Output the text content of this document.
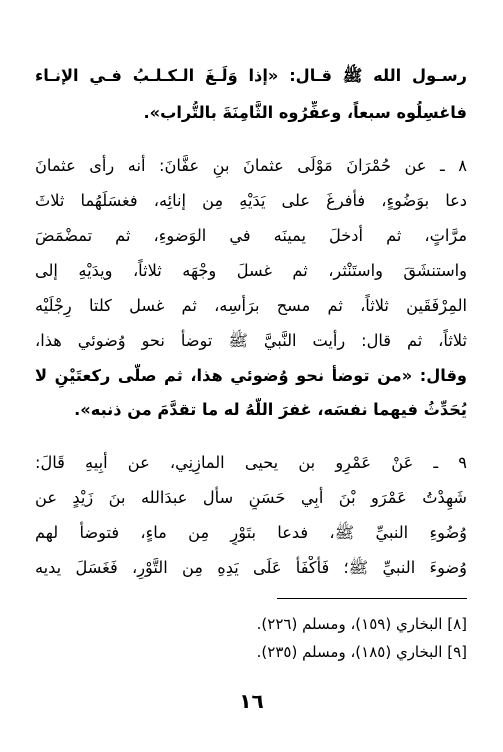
رسـول الله ﷺ قـال: «إذا وَلَـغَ الـكـلـبُ فـي الإنـاء
فاغسِلُوه سبعاً، وعفِّرُوه الثَّامِنَةَ بالتُّراب».
٨ ـ عن حُمْرَانَ مَوْلَى عثمانَ بنِ عفَّانَ: أنه رأى عثمانَ
دعا بوَضُوءٍ، فأفرغَ على يَدَيْهِ مِن إنائِه، فغسَلَهُما ثلاثَ
مرَّاتٍ، ثم أدخلَ يمينَه في الوَضوءِ، ثم تمضْمَضَ
واستنشَقَ واستَنْثر، ثم غسلَ وجْهَه ثلاثاً، ويدَيْهِ إلى
المِرْفَقَين ثلاثاً، ثم مسح برَأْسِه، ثم غسل كلتا رِجْلَيْه
ثلاثاً، ثم قال: رأيت النَّبيَّ ﷺ توضأ نحو وُضوئي هذا،
وقال: «من توضأ نحو وُضوئي هذا، ثم صلَّى ركعتَيْنِ لا
يُحَدِّثُ فيهما نفسَه، غفرَ اللَّهُ له ما تقدَّمَ من ذنبه».
٩ ـ عَنْ عَمْرِو بن يحيى المازِنِي، عن أبِيهِ قَالَ:
شَهِدْتُ عَمْرَو بْنَ أبِي حَسَنٍ سأل عبدَالله بنَ زَيْدٍ عن
وُضُوءِ النبيِّ ﷺ، فدعا بتَوْرٍ مِن ماءٍ، فتوضأ لهم
وُضوءَ النبيِّ ﷺ؛ فَأَكْفَأَ عَلَى يَدِهِ مِن التَّوْرِ، فَغَسَلَ يديه
[٨] البخاري (١٥٩)، ومسلم (٢٢٦).
[٩] البخاري (١٨٥)، ومسلم (٢٣٥).
١٦
